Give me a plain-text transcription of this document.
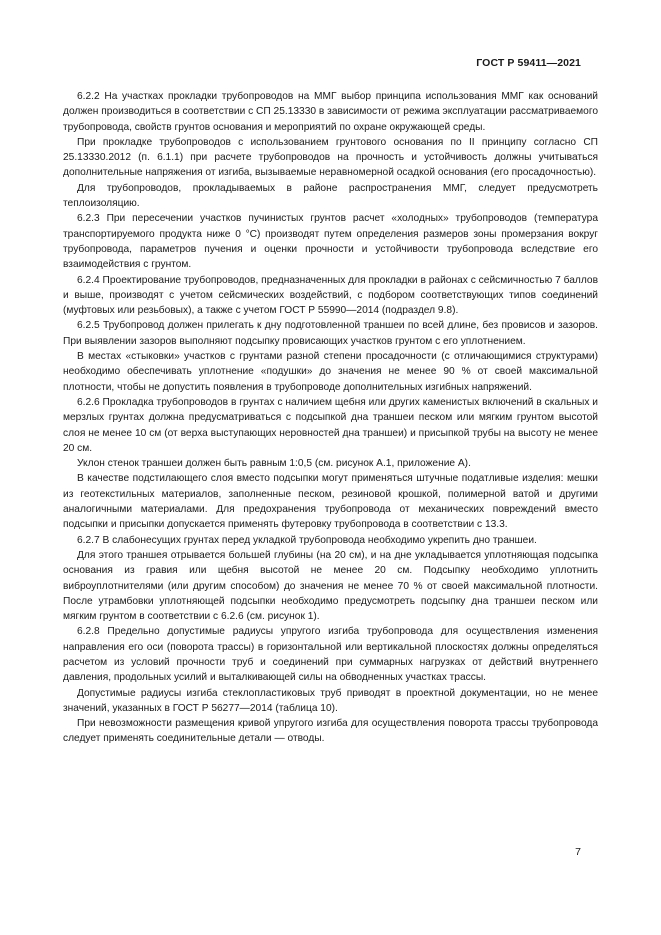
ГОСТ Р 59411—2021

6.2.2 На участках прокладки трубопроводов на ММГ выбор принципа использования ММГ как оснований должен производиться в соответствии с СП 25.13330 в зависимости от режима эксплуатации рассматриваемого трубопровода, свойств грунтов основания и мероприятий по охране окружающей среды.

При прокладке трубопроводов с использованием грунтового основания по II принципу согласно СП 25.13330.2012 (п. 6.1.1) при расчете трубопроводов на прочность и устойчивость должны учитываться дополнительные напряжения от изгиба, вызываемые неравномерной осадкой основания (его просадочностью).

Для трубопроводов, прокладываемых в районе распространения ММГ, следует предусмотреть теплоизоляцию.

6.2.3 При пересечении участков пучинистых грунтов расчет «холодных» трубопроводов (температура транспортируемого продукта ниже 0 °С) производят путем определения размеров зоны промерзания вокруг трубопровода, параметров пучения и оценки прочности и устойчивости трубопровода вследствие его взаимодействия с грунтом.

6.2.4 Проектирование трубопроводов, предназначенных для прокладки в районах с сейсмичностью 7 баллов и выше, производят с учетом сейсмических воздействий, с подбором соответствующих типов соединений (муфтовых или резьбовых), а также с учетом ГОСТ Р 55990—2014 (подраздел 9.8).

6.2.5 Трубопровод должен прилегать к дну подготовленной траншеи по всей длине, без провисов и зазоров. При выявлении зазоров выполняют подсыпку провисающих участков грунтом с его уплотнением.

В местах «стыковки» участков с грунтами разной степени просадочности (с отличающимися структурами) необходимо обеспечивать уплотнение «подушки» до значения не менее 90 % от своей максимальной плотности, чтобы не допустить появления в трубопроводе дополнительных изгибных напряжений.

6.2.6 Прокладка трубопроводов в грунтах с наличием щебня или других каменистых включений в скальных и мерзлых грунтах должна предусматриваться с подсыпкой дна траншеи песком или мягким грунтом высотой слоя не менее 10 см (от верха выступающих неровностей дна траншеи) и присыпкой трубы на высоту не менее 20 см.

Уклон стенок траншеи должен быть равным 1:0,5 (см. рисунок А.1, приложение А).

В качестве подстилающего слоя вместо подсыпки могут применяться штучные податливые изделия: мешки из геотекстильных материалов, заполненные песком, резиновой крошкой, полимерной ватой и другими аналогичными материалами. Для предохранения трубопровода от механических повреждений вместо подсыпки и присыпки допускается применять футеровку трубопровода в соответствии с 13.3.

6.2.7 В слабонесущих грунтах перед укладкой трубопровода необходимо укрепить дно траншеи.

Для этого траншея отрывается большей глубины (на 20 см), и на дне укладывается уплотняющая подсыпка основания из гравия или щебня высотой не менее 20 см. Подсыпку необходимо уплотнить виброуплотнителями (или другим способом) до значения не менее 70 % от своей максимальной плотности. После утрамбовки уплотняющей подсыпки необходимо предусмотреть подсыпку дна траншеи песком или мягким грунтом в соответствии с 6.2.6 (см. рисунок 1).

6.2.8 Предельно допустимые радиусы упругого изгиба трубопровода для осуществления изменения направления его оси (поворота трассы) в горизонтальной или вертикальной плоскостях должны определяться расчетом из условий прочности труб и соединений при суммарных нагрузках от действий внутреннего давления, продольных усилий и выталкивающей силы на обводненных участках трассы.

Допустимые радиусы изгиба стеклопластиковых труб приводят в проектной документации, но не менее значений, указанных в ГОСТ Р 56277—2014 (таблица 10).

При невозможности размещения кривой упругого изгиба для осуществления поворота трассы трубопровода следует применять соединительные детали — отводы.

7
